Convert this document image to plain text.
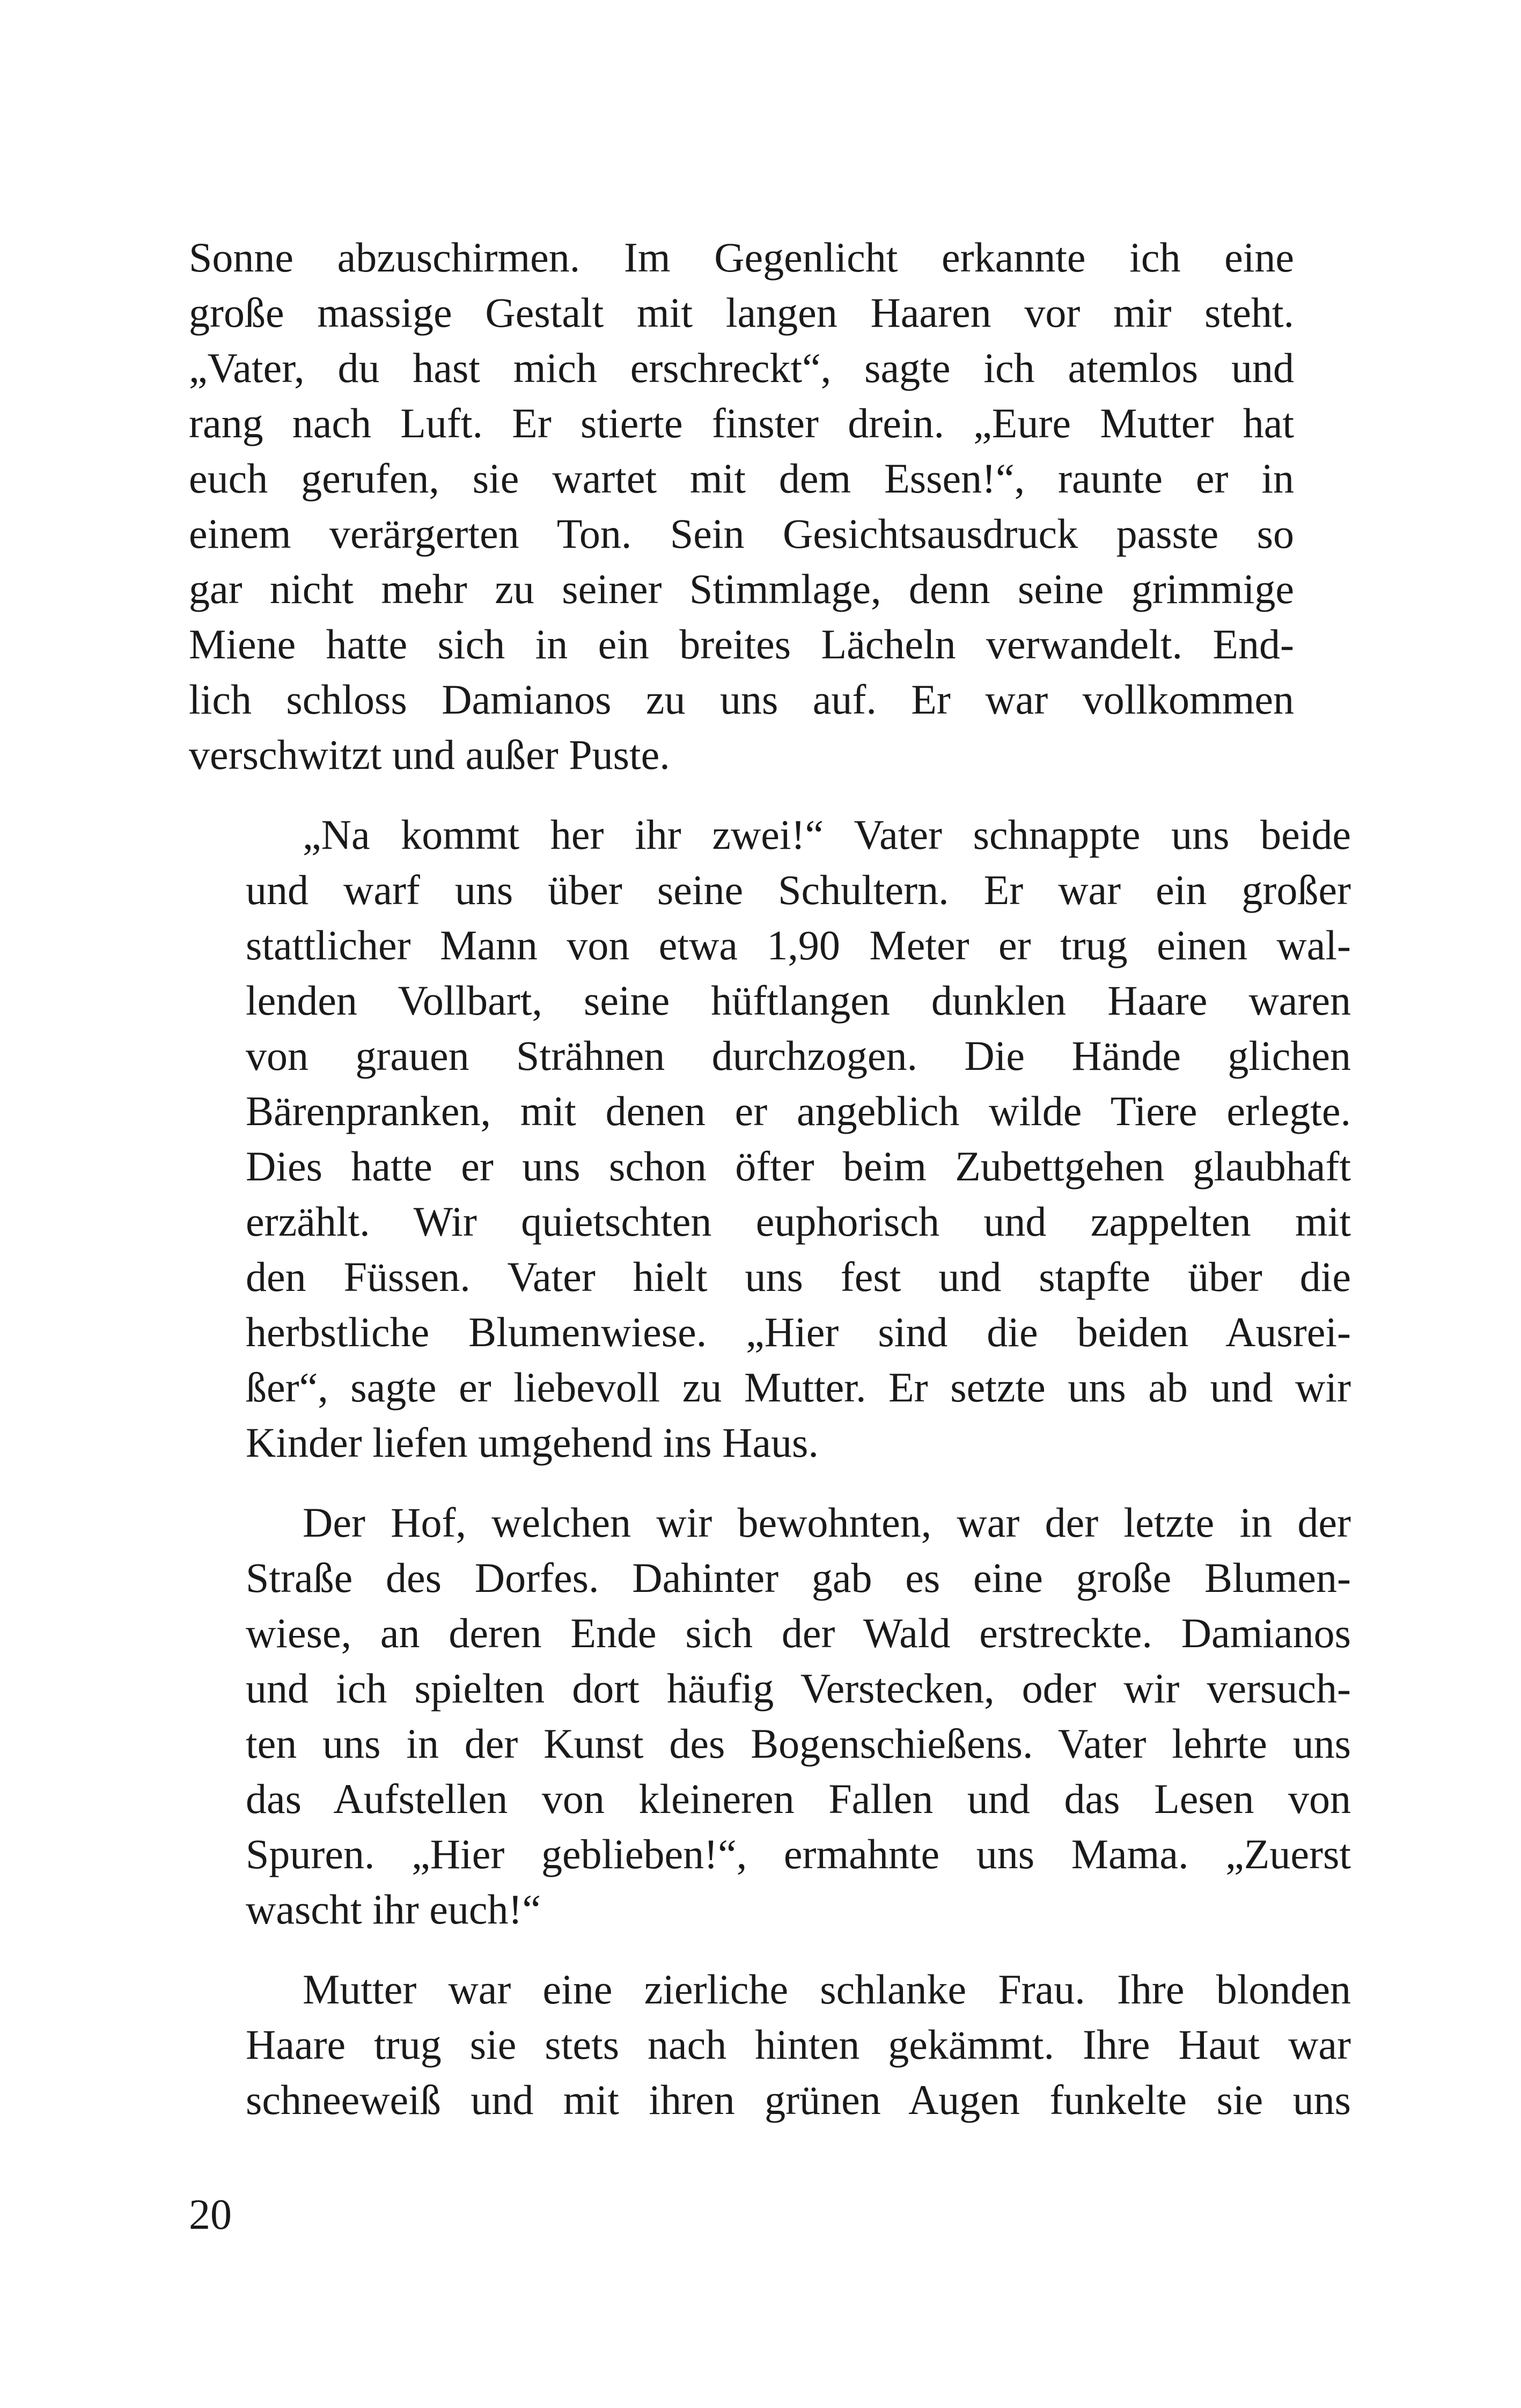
Sonne abzuschirmen. Im Gegenlicht erkannte ich eine
große massige Gestalt mit langen Haaren vor mir steht.
„Vater, du hast mich erschreckt“, sagte ich atemlos und
rang nach Luft. Er stierte finster drein. „Eure Mutter hat
euch gerufen, sie wartet mit dem Essen!“, raunte er in
einem verärgerten Ton. Sein Gesichtsausdruck passte so
gar nicht mehr zu seiner Stimmlage, denn seine grimmige
Miene hatte sich in ein breites Lächeln verwandelt. End-
lich schloss Damianos zu uns auf. Er war vollkommen
verschwitzt und außer Puste.

„Na kommt her ihr zwei!“ Vater schnappte uns beide
und warf uns über seine Schultern. Er war ein großer
stattlicher Mann von etwa 1,90 Meter er trug einen wal-
lenden Vollbart, seine hüftlangen dunklen Haare waren
von grauen Strähnen durchzogen. Die Hände glichen
Bärenpranken, mit denen er angeblich wilde Tiere erlegte.
Dies hatte er uns schon öfter beim Zubettgehen glaubhaft
erzählt. Wir quietschten euphorisch und zappelten mit
den Füssen. Vater hielt uns fest und stapfte über die
herbstliche Blumenwiese. „Hier sind die beiden Ausrei-
ßer“, sagte er liebevoll zu Mutter. Er setzte uns ab und wir
Kinder liefen umgehend ins Haus.

Der Hof, welchen wir bewohnten, war der letzte in der
Straße des Dorfes. Dahinter gab es eine große Blumen-
wiese, an deren Ende sich der Wald erstreckte. Damianos
und ich spielten dort häufig Verstecken, oder wir versuch-
ten uns in der Kunst des Bogenschießens. Vater lehrte uns
das Aufstellen von kleineren Fallen und das Lesen von
Spuren. „Hier geblieben!“, ermahnte uns Mama. „Zuerst
wascht ihr euch!“

Mutter war eine zierliche schlanke Frau. Ihre blonden
Haare trug sie stets nach hinten gekämmt. Ihre Haut war
schneeweiß und mit ihren grünen Augen funkelte sie uns

20
